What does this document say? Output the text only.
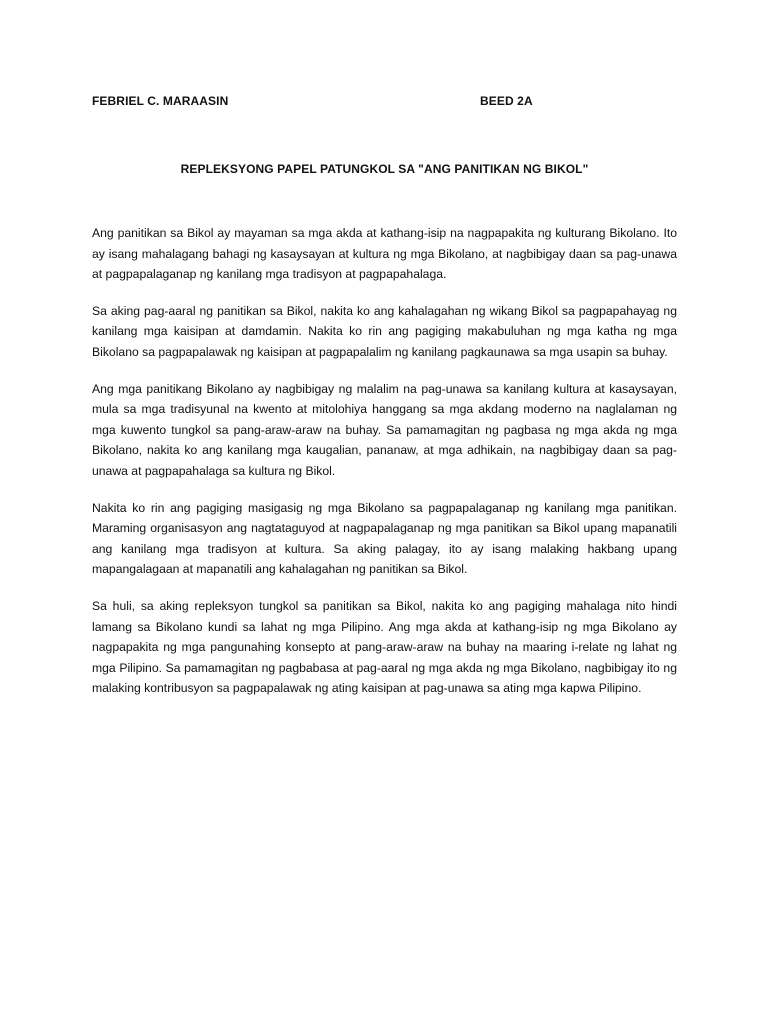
FEBRIEL C. MARAASIN	BEED 2A
REPLEKSYONG PAPEL PATUNGKOL SA "ANG PANITIKAN NG BIKOL"

Ang panitikan sa Bikol ay mayaman sa mga akda at kathang-isip na nagpapakita ng kulturang Bikolano. Ito ay isang mahalagang bahagi ng kasaysayan at kultura ng mga Bikolano, at nagbibigay daan sa pag-unawa at pagpapalaganap ng kanilang mga tradisyon at pagpapahalaga.

Sa aking pag-aaral ng panitikan sa Bikol, nakita ko ang kahalagahan ng wikang Bikol sa pagpapahayag ng kanilang mga kaisipan at damdamin. Nakita ko rin ang pagiging makabuluhan ng mga katha ng mga Bikolano sa pagpapalawak ng kaisipan at pagpapalalim ng kanilang pagkaunawa sa mga usapin sa buhay.

Ang mga panitikang Bikolano ay nagbibigay ng malalim na pag-unawa sa kanilang kultura at kasaysayan, mula sa mga tradisyunal na kwento at mitolohiya hanggang sa mga akdang moderno na naglalaman ng mga kuwento tungkol sa pang-araw-araw na buhay. Sa pamamagitan ng pagbasa ng mga akda ng mga Bikolano, nakita ko ang kanilang mga kaugalian, pananaw, at mga adhikain, na nagbibigay daan sa pag-unawa at pagpapahalaga sa kultura ng Bikol.

Nakita ko rin ang pagiging masigasig ng mga Bikolano sa pagpapalaganap ng kanilang mga panitikan. Maraming organisasyon ang nagtataguyod at nagpapalaganap ng mga panitikan sa Bikol upang mapanatili ang kanilang mga tradisyon at kultura. Sa aking palagay, ito ay isang malaking hakbang upang mapangalagaan at mapanatili ang kahalagahan ng panitikan sa Bikol.

Sa huli, sa aking repleksyon tungkol sa panitikan sa Bikol, nakita ko ang pagiging mahalaga nito hindi lamang sa Bikolano kundi sa lahat ng mga Pilipino. Ang mga akda at kathang-isip ng mga Bikolano ay nagpapakita ng mga pangunahing konsepto at pang-araw-araw na buhay na maaring i-relate ng lahat ng mga Pilipino. Sa pamamagitan ng pagbabasa at pag-aaral ng mga akda ng mga Bikolano, nagbibigay ito ng malaking kontribusyon sa pagpapalawak ng ating kaisipan at pag-unawa sa ating mga kapwa Pilipino.
